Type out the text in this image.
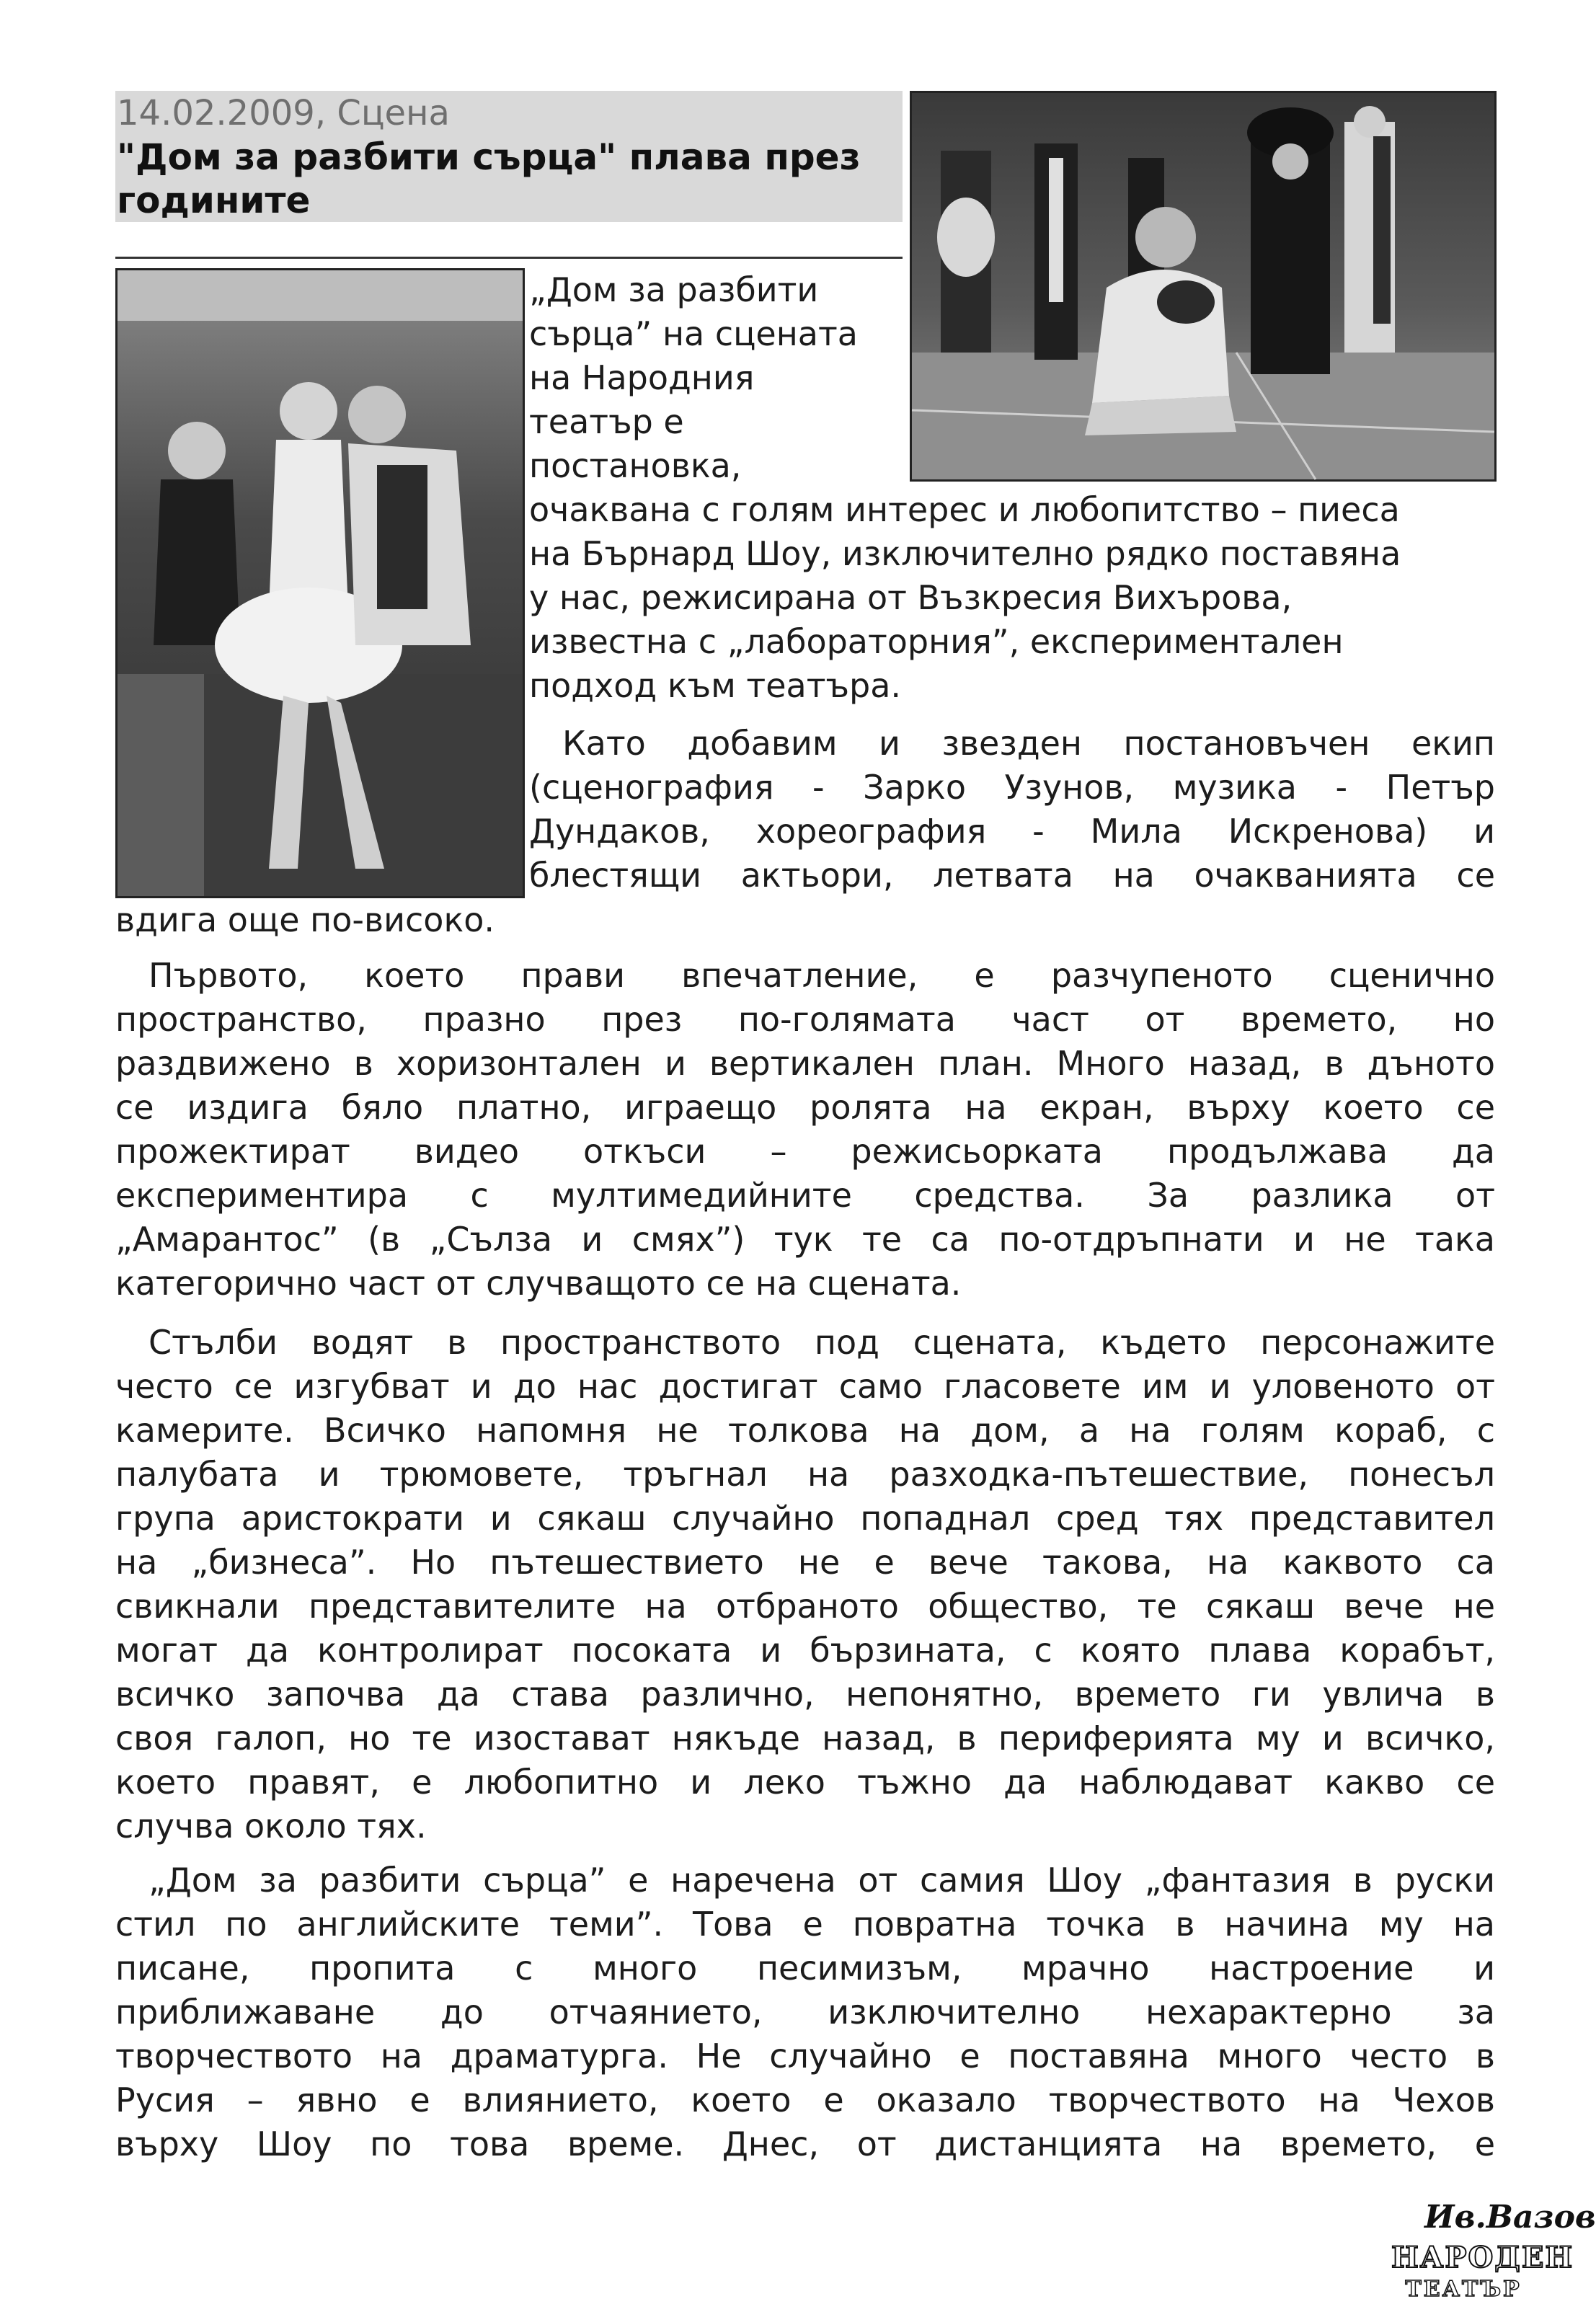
14.02.2009, Сцена
"Дом за разбити сърца" плава през годините
„Дом за разбити
сърца” на сцената
на Народния
театър е
постановка,
очаквана с голям интерес и любопитство – пиеса
на Бърнард Шоу, изключително рядко поставяна
у нас, режисирана от Възкресия Вихърова,
известна с „лабораторния”, експериментален
подход към театъра.
Като добавим и звезден постановъчен екип
(сценография - Зарко Узунов, музика - Петър
Дундаков, хореография - Мила Искренова) и
блестящи актьори, летвата на очакванията се
вдига още по-високо.
Първото, което прави впечатление, е разчупеното сценично
пространство, празно през по-голямата част от времето, но
раздвижено в хоризонтален и вертикален план. Много назад, в дъното
се издига бяло платно, играещо ролята на екран, върху което се
прожектират видео откъси – режисьорката продължава да
експериментира с мултимедийните средства. За разлика от
„Амарантос” (в „Сълза и смях”) тук те са по-отдръпнати и не така
категорично част от случващото се на сцената.
Стълби водят в пространството под сцената, където персонажите
често се изгубват и до нас достигат само гласовете им и уловеното от
камерите. Всичко напомня не толкова на дом, а на голям кораб, с
палубата и трюмовете, тръгнал на разходка-пътешествие, понесъл
група аристократи и сякаш случайно попаднал сред тях представител
на „бизнеса”. Но пътешествието не е вече такова, на каквото са
свикнали представителите на отбраното общество, те сякаш вече не
могат да контролират посоката и бързината, с която плава корабът,
всичко започва да става различно, непонятно, времето ги увлича в
своя галоп, но те изостават някъде назад, в периферията му и всичко,
което правят, е любопитно и леко тъжно да наблюдават какво се
случва около тях.
„Дом за разбити сърца” е наречена от самия Шоу „фантазия в руски
стил по английските теми”. Това е повратна точка в начина му на
писане, пропита с много песимизъм, мрачно настроение и
приближаване до отчаянието, изключително нехарактерно за
творчеството на драматурга. Не случайно е поставяна много често в
Русия – явно е влиянието, което е оказало творчеството на Чехов
върху Шоу по това време. Днес, от дистанцията на времето, е
Ив.Вазов
НАРОДЕН
ТЕАТЪР
